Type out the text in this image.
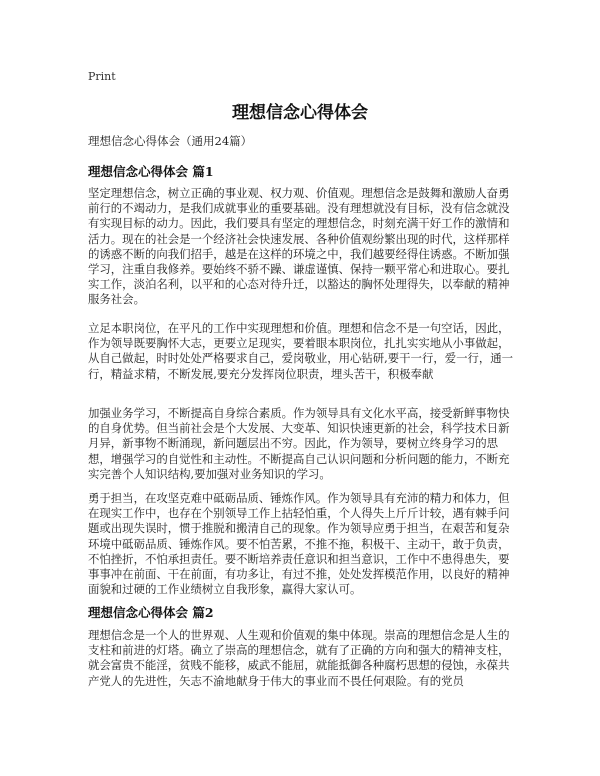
Print
理想信念心得体会
理想信念心得体会（通用24篇）
理想信念心得体会 篇1

坚定理想信念，树立正确的事业观、权力观、价值观。理想信念是鼓舞和激励人奋勇前行的不竭动力，是我们成就事业的重要基础。没有理想就没有目标，没有信念就没有实现目标的动力。因此，我们要具有坚定的理想信念，时刻充满干好工作的激情和活力。现在的社会是一个经济社会快速发展、各种价值观纷繁出现的时代，这样那样的诱惑不断的向我们招手，越是在这样的环境之中，我们越要经得住诱惑。不断加强学习，注重自我修养。要始终不骄不躁、谦虚谨慎、保持一颗平常心和进取心。要扎实工作，淡泊名利，以平和的心态对待升迁，以豁达的胸怀处理得失，以奉献的精神服务社会。

立足本职岗位，在平凡的工作中实现理想和价值。理想和信念不是一句空话，因此，作为领导既要胸怀大志，更要立足现实，要着眼本职岗位，扎扎实实地从小事做起，从自己做起，时时处处严格要求自己，爱岗敬业，用心钻研,要干一行，爱一行，通一行，精益求精，不断发展,要充分发挥岗位职责，埋头苦干，积极奉献

加强业务学习，不断提高自身综合素质。作为领导具有文化水平高，接受新鲜事物快的自身优势。但当前社会是个大发展、大变革、知识快速更新的社会，科学技术日新月异，新事物不断涌现，新问题层出不穷。因此，作为领导，要树立终身学习的思想，增强学习的自觉性和主动性。不断提高自己认识问题和分析问题的能力，不断充实完善个人知识结构,要加强对业务知识的学习。

勇于担当，在攻坚克难中砥砺品质、锤炼作风。作为领导具有充沛的精力和体力，但在现实工作中，也存在个别领导工作上拈轻怕重，个人得失上斤斤计较，遇有棘手问题或出现失误时，惯于推脱和搬清自己的现象。作为领导应勇于担当，在艰苦和复杂环境中砥砺品质、锤炼作风。要不怕苦累，不推不拖，积极干、主动干，敢于负责，不怕挫折，不怕承担责任。要不断培养责任意识和担当意识，工作中不患得患失，要事事冲在前面、干在前面，有功多让，有过不推，处处发挥模范作用，以良好的精神面貌和过硬的工作业绩树立自我形象，赢得大家认可。

理想信念心得体会 篇2

理想信念是一个人的世界观、人生观和价值观的集中体现。崇高的理想信念是人生的支柱和前进的灯塔。确立了崇高的理想信念，就有了正确的方向和强大的精神支柱，就会富贵不能淫，贫贱不能移，威武不能屈，就能抵御各种腐朽思想的侵蚀，永葆共产党人的先进性，矢志不渝地献身于伟大的事业而不畏任何艰险。有的党员
